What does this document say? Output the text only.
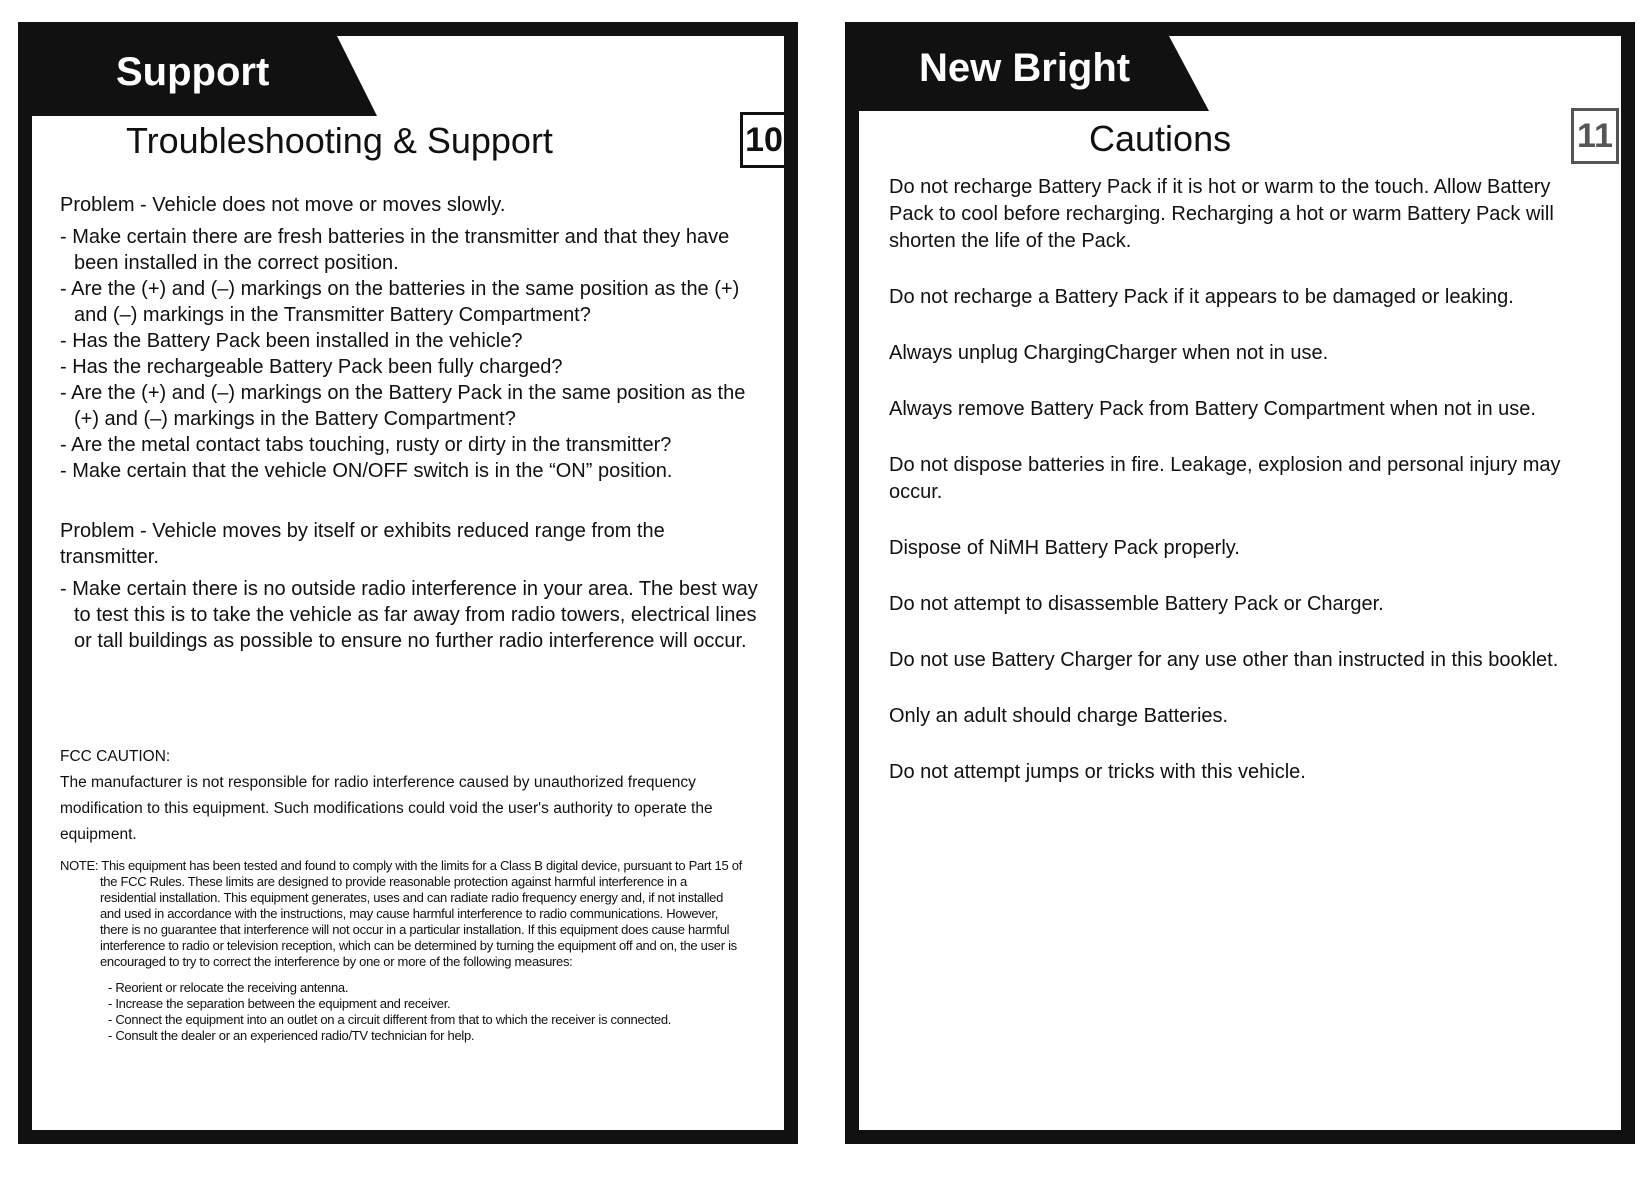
Support
10
Troubleshooting & Support

Problem - Vehicle does not move or moves slowly.

- Make certain there are fresh batteries in the transmitter and that they have been installed in the correct position.
- Are the (+) and (–) markings on the batteries in the same position as the (+) and (–) markings in the Transmitter Battery Compartment?
- Has the Battery Pack been installed in the vehicle?
- Has the rechargeable Battery Pack been fully charged?
- Are the (+) and (–) markings on the Battery Pack in the same position as the (+) and (–) markings in the Battery Compartment?
- Are the metal contact tabs touching, rusty or dirty in the transmitter?
- Make certain that the vehicle ON/OFF switch is in the “ON” position.

Problem - Vehicle moves by itself or exhibits reduced range from the transmitter.

- Make certain there is no outside radio interference in your area. The best way to test this is to take the vehicle as far away from radio towers, electrical lines or tall buildings as possible to ensure no further radio interference will occur.
FCC CAUTION:
The manufacturer is not responsible for radio interference caused by unauthorized frequency modification to this equipment. Such modifications could void the user's authority to operate the equipment.

NOTE: This equipment has been tested and found to comply with the limits for a Class B digital device, pursuant to Part 15 of the FCC Rules. These limits are designed to provide reasonable protection against harmful interference in a residential installation. This equipment generates, uses and can radiate radio frequency energy and, if not installed and used in accordance with the instructions, may cause harmful interference to radio communications. However, there is no guarantee that interference will not occur in a particular installation. If this equipment does cause harmful interference to radio or television reception, which can be determined by turning the equipment off and on, the user is encouraged to try to correct the interference by one or more of the following measures:

- Reorient or relocate the receiving antenna.
- Increase the separation between the equipment and receiver.
- Connect the equipment into an outlet on a circuit different from that to which the receiver is connected.
- Consult the dealer or an experienced radio/TV technician for help.
New Bright
11
Cautions

Do not recharge Battery Pack if it is hot or warm to the touch. Allow Battery Pack to cool before recharging. Recharging a hot or warm Battery Pack will shorten the life of the Pack.

Do not recharge a Battery Pack if it appears to be damaged or leaking.

Always unplug ChargingCharger when not in use.

Always remove Battery Pack from Battery Compartment when not in use.

Do not dispose batteries in fire. Leakage, explosion and personal injury may occur.

Dispose of NiMH Battery Pack properly.

Do not attempt to disassemble Battery Pack or Charger.

Do not use Battery Charger for any use other than instructed in this booklet.

Only an adult should charge Batteries.

Do not attempt jumps or tricks with this vehicle.
